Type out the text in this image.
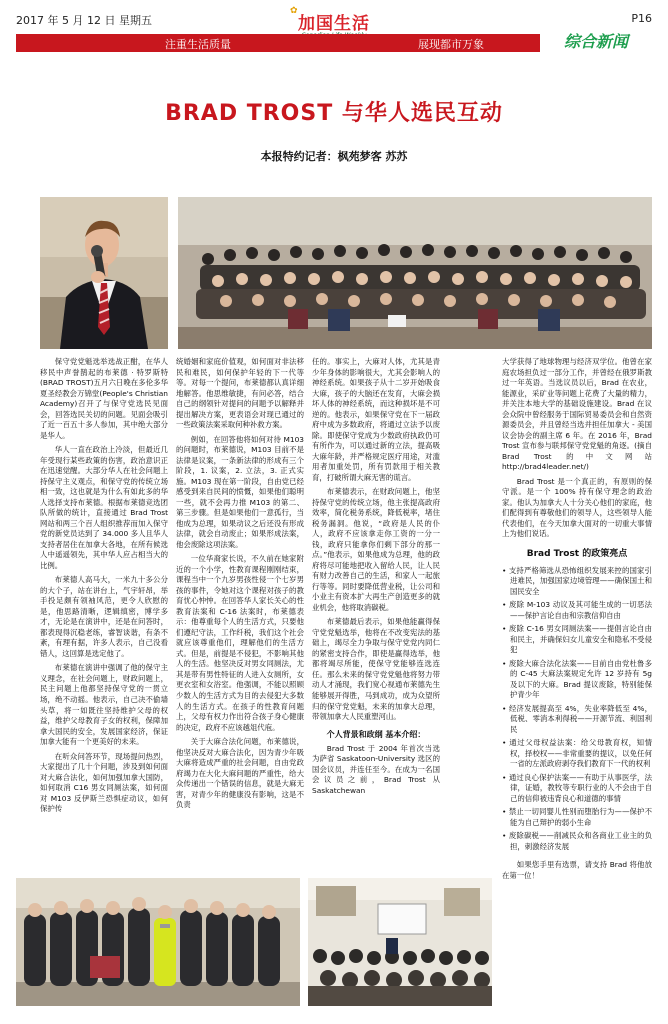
2017 年 5 月 12 日 星期五
✿
加国生活	P16
注重生活质量	展现都市万象	综合新闻
BRAD TROST 与华人选民互动
本报特约记者：枫苑梦客 苏苏

保守党党魁选举选战正酣，在华人移民中声誉鹊起的布莱德 · 特罗斯特(BRAD TROST)五月六日晚在多伦多华夏圣经教会万锦堂(People's Christian Academy)召开了与保守党选民见面会，回答选民关切的问题。见面会吸引了近一百五十多人参加，其中绝大部分是华人。

华人一直在政治上冷淡，但最近几年受现行某些政策的伤害，政治意识正在迅速觉醒。大部分华人在社会问题上持保守主义观点，和保守党的传统立场相一致，这也就是为什么有如此多的华人选择支持布莱德。根据布莱德竞选团队所做的统计，直接通过 Brad Trost 网站和两三个百人组织推荐而加入保守党的新党员达到了 34.000 多人且华人支持者居住在加拿大各地，在所有候选人中遥遥领先，其中华人应占相当大的比例。

布莱德人高马大，一米九十多公分的大个子，站在讲台上，气宇轩昂，举手投足颇有领袖风范，更令人欣慰的是，他思路清晰，逻辑缜密，博学多才，无论是在演讲中，还是在问答时，都表现得沉稳老练，睿智谈谐，有条不紊，有理有据，许多人表示，自己没看错人，这回算是选定他了。

布莱德在演讲中强调了他的保守主义理念，在社会问题上，财政问题上，民主问题上他都坚持保守党的一贯立场，绝不动摇。他表示，自己决不偷墙头草，将一如既往坚持维护父母的权益，维护父母教育子女的权利，保障加拿大国民的安全，发展国家经济，保证加拿大能有一个更美好的未来。

在听众问答环节，现场提问热烈，大家提出了几十个问题，涉及到如何面对大麻合法化，如何加强加拿大国防，如何取消 C16 男女同厕法案，如何面对 M103 反伊斯兰恐惧症动议，如何保护传

统婚姻和家庭价值观，如何面对非法移民和难民，如何保护年轻的下一代等等。对每一个提问，布莱德都认真详细地解答。他思维敏捷，有问必答，结合自己的纲领针对提问的问题予以解释并提出解决方案，更表语会对现已通过的一些政策法案采取何种补救方案。

例如，在回答他将如何对待 M103 的问题时，布莱德说，M103 目前不是法律是议案，一条新法律的形成有三个阶段，1. 议案，2. 立法，3. 正式实施。M103 现在第一阶段，自由党已经感受到来自民间的愤慨，如果他们聪明一些，就不会再力推 M103 的第二、第三步骤。但是如果他们一意孤行，当他成为总理，如果动议之后还没有形成法律，就会自动废止；如果形成法案，他会废除这项法案。

一位华裔家长说，不久前在她家附近的一个小学，性教育课程刚刚结束，课程当中一个九岁男孩性侵一个七岁男孩的事件，令她对这个课程对孩子的教育忧心忡忡。在回答华人家长关心的性教育法案和 C-16 法案时，布莱德表示：他尊重每个人的生活方式，只要他们遵纪守法，工作纤税，我们这个社会就应该尊重他们，理解他们的生活方式。但是，前提是不侵犯，不影响其他人的生活。他坚决反对男女同厕法，尤其是带有男性特征的人进入女厕所，女更衣室和女浴室。他强调，不能以照顾少数人的生活方式为目的去侵犯大多数人的生活方式。在孩子的性教育问题上，父母有权力作出符合孩子身心健康的决定，政府不应该越俎代庖。

关于大麻合法化问题，布莱德说，他坚决反对大麻合法化，因为青少年吸大麻将造成严重的社会问题，自由党政府竭力在大化大麻问题的严重性，给大众传递出一个错误的信息，就是大麻无害，对青少年的健康没有影响，这是不负责

任的。事实上，大麻对人体，尤其是青少年身体的影响很大，尤其会影响人的神经系统。如果孩子从十二岁开始吸食大麻，孩子的大脑还在发育，大麻会损坏人体的神经系统，而这种损坏是不可逆的。他表示，如果保守党在下一届政府中成为多数政府，将通过立法予以废除。即使保守党成为少数政府执政仍可有所作为，可以通过新的立法，提高吸大麻年龄，并严格规定医疗用途，对滥用者加重处罚，所有罚款用于相关教育，打破所谓大麻无害的谎言。

布莱德表示，在财政问题上，他坚持保守党的传统立场，他主张提高政府效率，简化税务系统，降低税率，堵住税务漏洞。他说，“政府是人民的仆人，政府不应该拿走你工资的一分一钱，政府只能拿你们剩下部分的那一点。”他表示，如果他成为总理，他的政府将尽可能地把收入留给人民，让人民有财力改善自己的生活，和家人一起旅行等等。同时要降低营业税，让公司和小业主有资本扩大再生产创造更多的就业机会，他将取消碳税。

布莱德最后表示，如果他能赢得保守党党魁选举，他将在不改变宪法的基础上，竭尽全力争取与保守党党内同仁的紧密支持合作，即使是赢得选举，他都将竭尽所能，使保守党能够连选连任。那么未来的保守党党魁他将努力带动人才涌现，我们宽心视通布莱德先生能够展开得胜，马到成功，成为众望所归的保守党党魁，未来的加拿大总理，带领加拿大人民重塑河山。

个人背景和政纲 基本介绍：

Brad Trost 于 2004 年首次当选为萨省 Saskatoon-University 选区的国会议员，并连任至今。在成为一名国会议员之前，Brad Trost 从 Saskatchewan

大学获得了地球物理与经济双学位。他曾在家庭农场担负过一部分工作，并曾经在俄罗斯教过一年英语。当选议员以后，Brad 在农业，能源业，采矿业等问题上花费了大量的精力，并关注本地大学的基础设施建设。Brad 在议会众院中曾经服务于国际贸易委员会和自然资源委员会，并且曾经当选并担任加拿大 - 美国议会协会的副主席 6 年。在 2016 年，Brad Trost 宣布参与联邦保守党党魁的角逐。(摘自 Brad Trost 的中文网站 http://brad4leader.net/)

Brad Trost 是一个真正的，有原则的保守派。是一个 100% 持有保守理念的政治家。他认为加拿大人十分关心他们的家庭，他们配得到有尊敬他们的领导人，这些领导人能代表他们，在今天加拿大面对的一切重大事情上为他们说话。

Brad Trost 的政策亮点
• 支持严格筛选从恐怖组织发展来控的国家引进难民，加强国家边境管理——确保国土和国民安全
• 废除 M-103 动议及其可能生成的一切恶法——保护言论自由和宗教信仰自由
• 废除 C-16 男女同厕法案——提倡言论自由和民主，并确保妇女儿童安全和隐私不受侵犯
• 废除大麻合法化法案——目前自由党杜鲁多的 C-45 大麻法案规定允许 12 岁持有 5g 及以下的大麻。Brad 提议废除，特别能保护青少年
• 经济发展提高至 4%，失业率降低至 4%，低税、零消本利得税——开源节流、利国利民
• 通过父母权益法案：给父母教育权，知情权，择校权——非常重要的提议，以免任何一省的左派政府剥夺我们教育下一代的权利
• 通过良心保护法案——有助于从事医学，法律，证婚，教牧等专职行业的人不会由于自己的信仰被违背良心和道德的事情
• 禁止一切同婴儿性别而堕胎行为——保护不能为自己辩护的弱小生命
• 废除碳税——削减民众和各商业工业主的负担，刺激经济发展

如果您手里有选票，请支持 Brad 将他放在第一位！
